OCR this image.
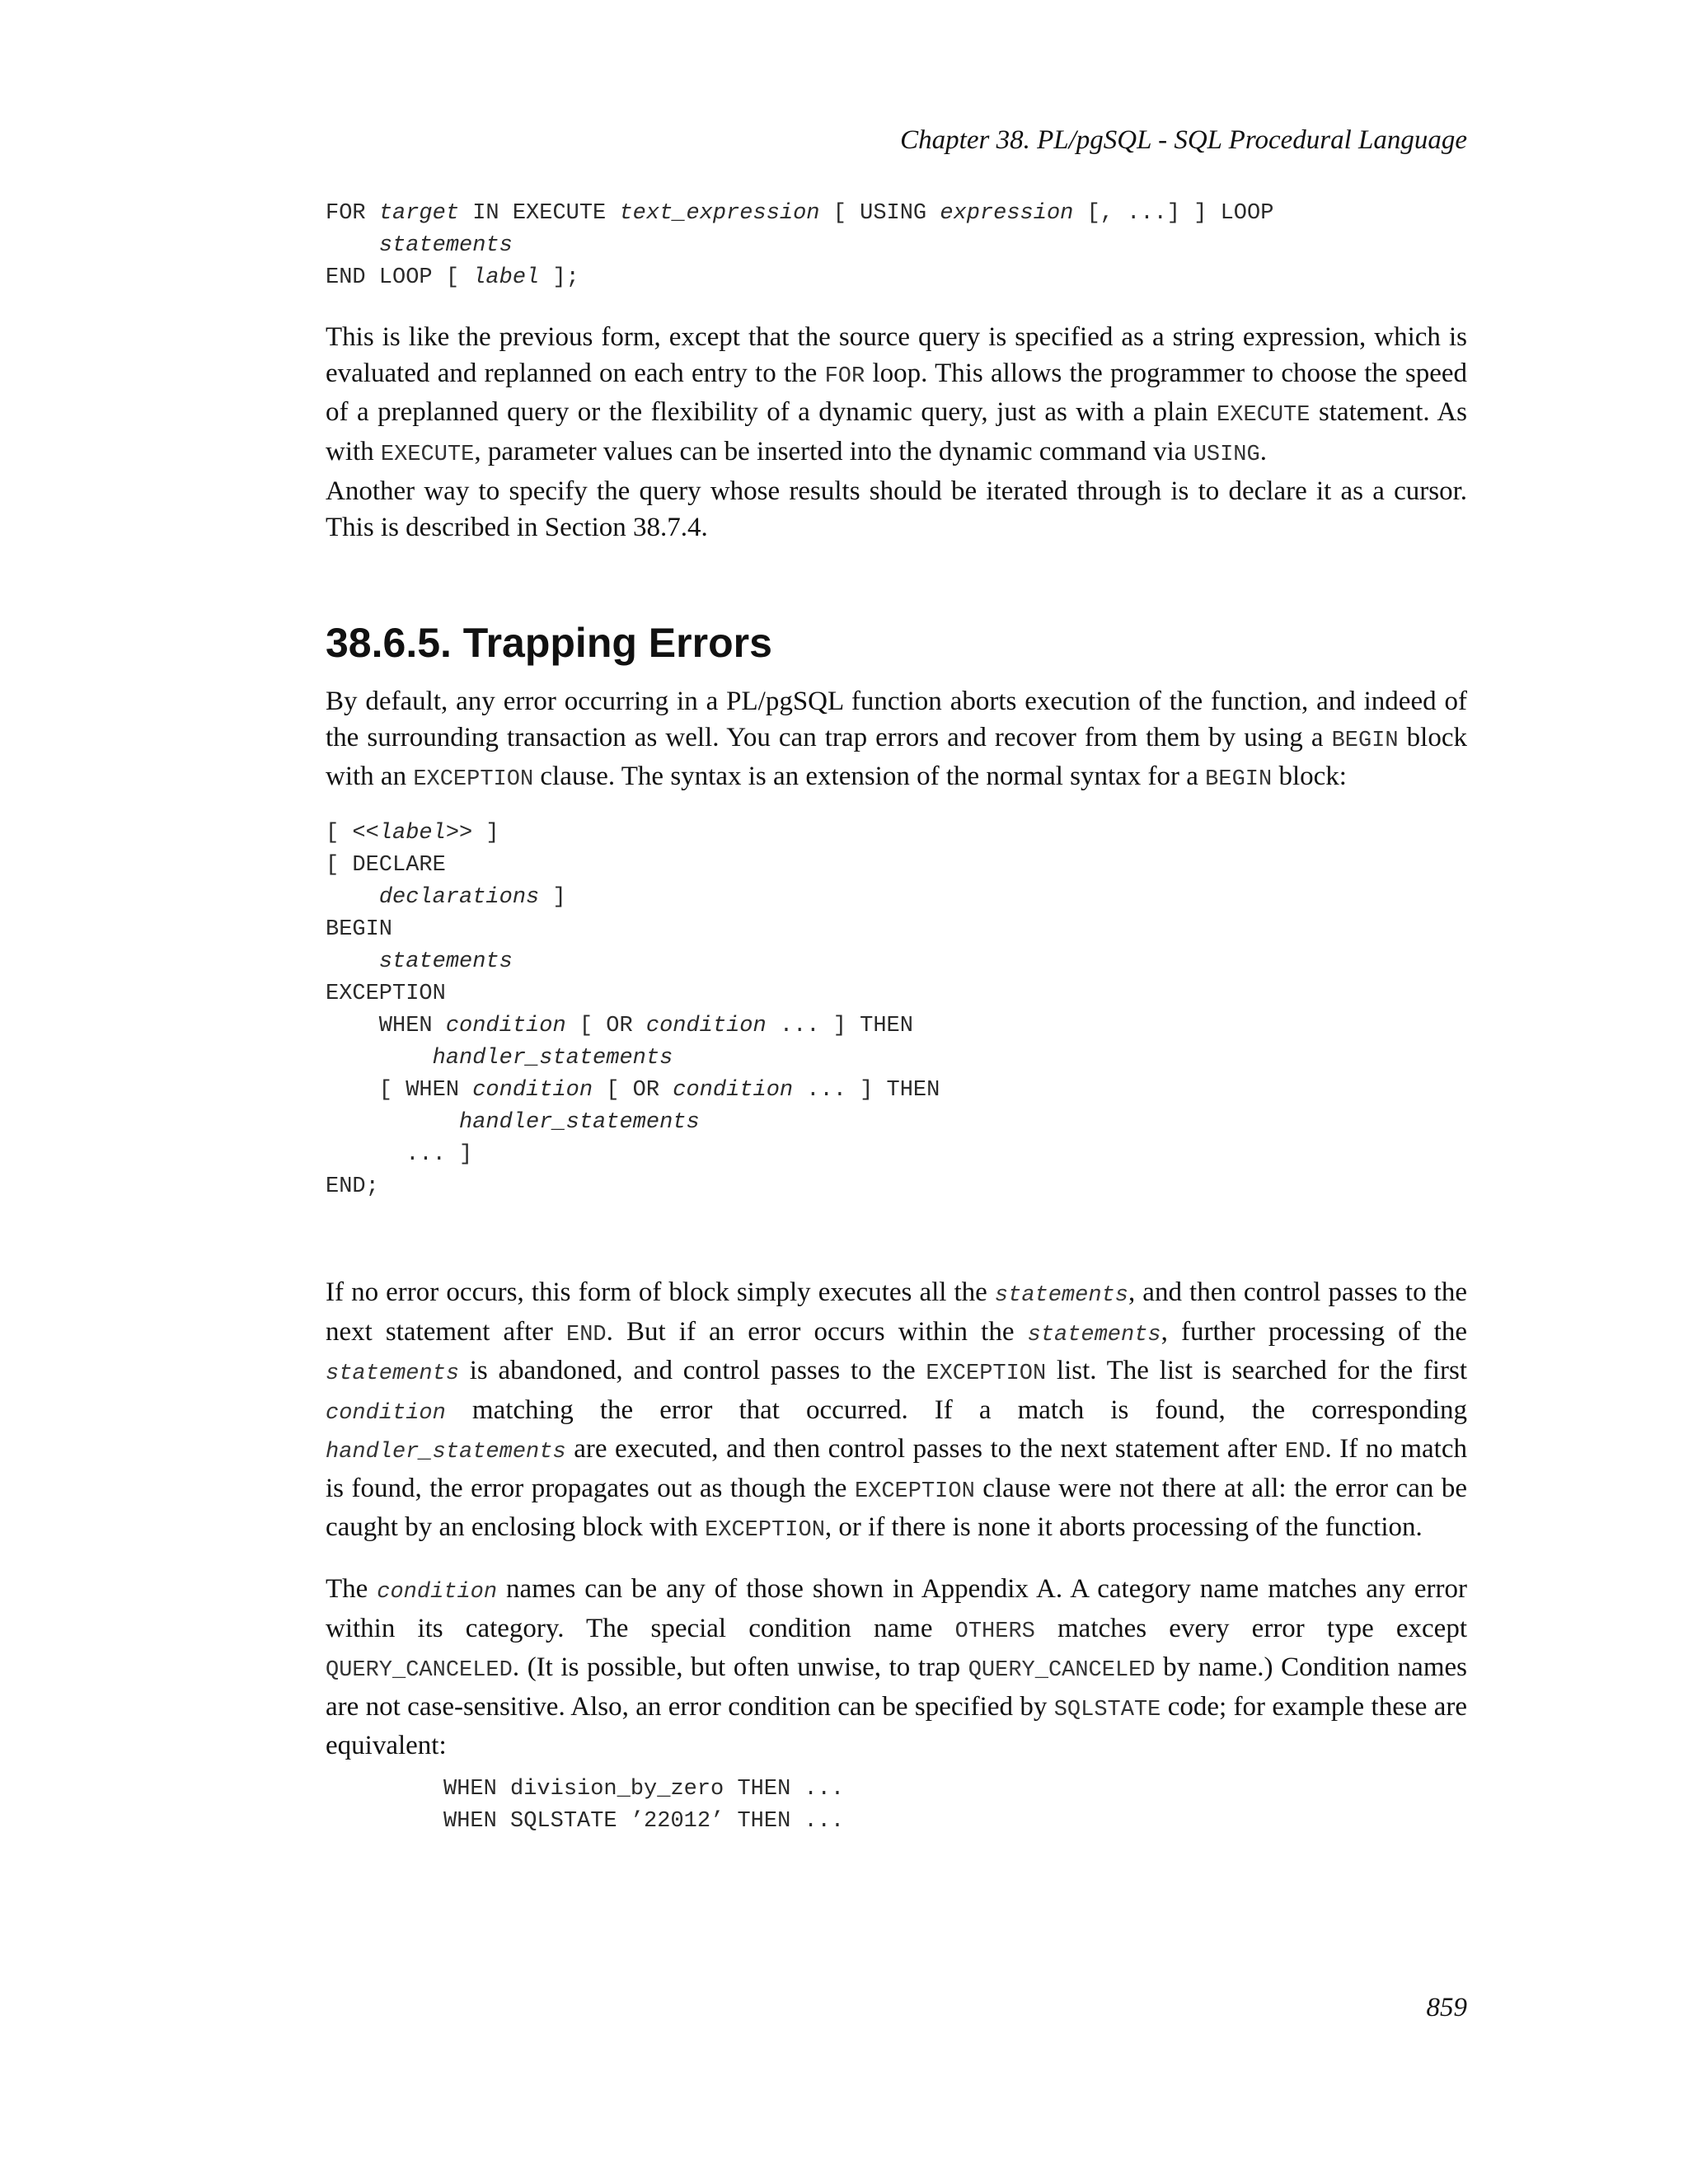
Chapter 38. PL/pgSQL - SQL Procedural Language
FOR target IN EXECUTE text_expression [ USING expression [, ...] ] LOOP
statements
END LOOP [ label ];

This is like the previous form, except that the source query is specified as a string expression, which is evaluated and replanned on each entry to the FOR loop. This allows the programmer to choose the speed of a preplanned query or the flexibility of a dynamic query, just as with a plain EXECUTE statement. As with EXECUTE, parameter values can be inserted into the dynamic command via USING.

Another way to specify the query whose results should be iterated through is to declare it as a cursor. This is described in Section 38.7.4.

38.6.5. Trapping Errors

By default, any error occurring in a PL/pgSQL function aborts execution of the function, and indeed of the surrounding transaction as well. You can trap errors and recover from them by using a BEGIN block with an EXCEPTION clause. The syntax is an extension of the normal syntax for a BEGIN block:

[ <<label>> ]
[ DECLARE
declarations ]
BEGIN
statements
EXCEPTION
WHEN condition [ OR condition ... ] THEN
handler_statements
[ WHEN condition [ OR condition ... ] THEN
handler_statements
... ]
END;

If no error occurs, this form of block simply executes all the statements, and then control passes to the next statement after END. But if an error occurs within the statements, further processing of the statements is abandoned, and control passes to the EXCEPTION list. The list is searched for the first condition matching the error that occurred. If a match is found, the corresponding handler_statements are executed, and then control passes to the next statement after END. If no match is found, the error propagates out as though the EXCEPTION clause were not there at all: the error can be caught by an enclosing block with EXCEPTION, or if there is none it aborts processing of the function.

The condition names can be any of those shown in Appendix A. A category name matches any error within its category. The special condition name OTHERS matches every error type except QUERY_CANCELED. (It is possible, but often unwise, to trap QUERY_CANCELED by name.) Condition names are not case-sensitive. Also, an error condition can be specified by SQLSTATE code; for example these are equivalent:

WHEN division_by_zero THEN ...
WHEN SQLSTATE ’22012’ THEN ...
859
